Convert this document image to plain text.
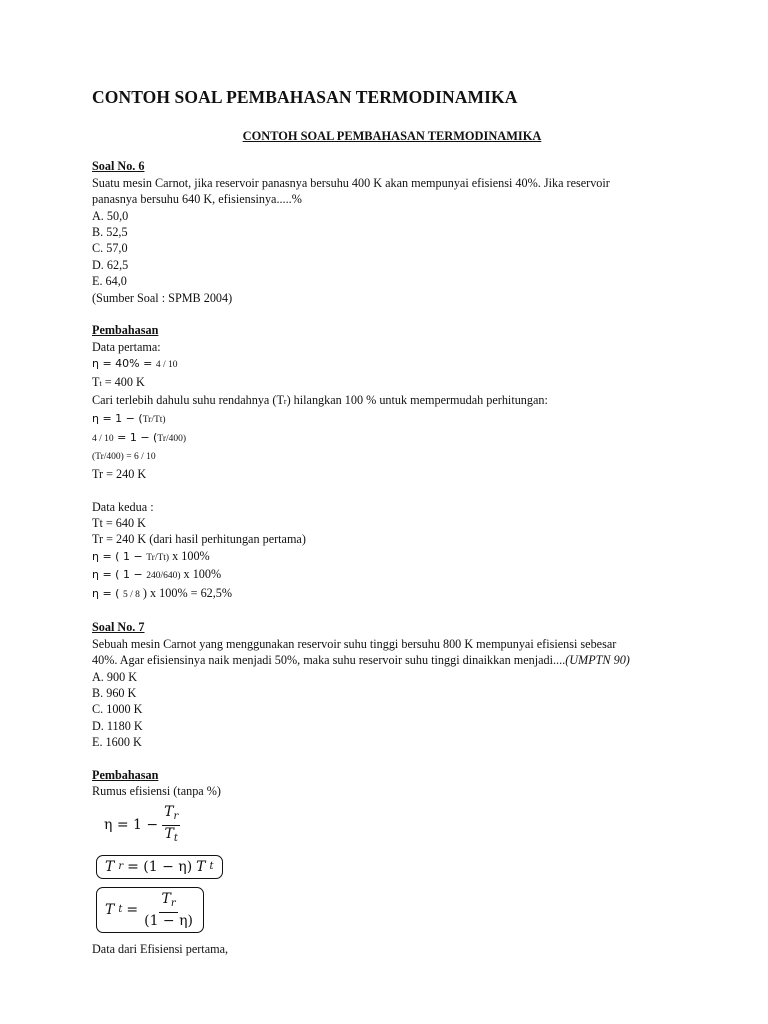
CONTOH SOAL PEMBAHASAN TERMODINAMIKA
CONTOH SOAL PEMBAHASAN TERMODINAMIKA
Soal No. 6
Suatu mesin Carnot, jika reservoir panasnya bersuhu 400 K akan mempunyai efisiensi 40%. Jika reservoir
panasnya bersuhu 640 K, efisiensinya.....%
A. 50,0
B. 52,5
C. 57,0
D. 62,5
E. 64,0
(Sumber Soal : SPMB 2004)
Pembahasan
Data pertama:
η = 40% = 4 / 10
Tt = 400 K
Cari terlebih dahulu suhu rendahnya (Tr) hilangkan 100 % untuk mempermudah perhitungan:
η = 1 − (Tr/Tt)
4 / 10 = 1 − (Tr/400)
(Tr/400) = 6 / 10
Tr = 240 K
Data kedua :
Tt = 640 K
Tr = 240 K (dari hasil perhitungan pertama)
η = ( 1 − Tr/Tt) x 100%
η = ( 1 − 240/640) x 100%
η = ( 5 / 8 ) x 100% = 62,5%
Soal No. 7
Sebuah mesin Carnot yang menggunakan reservoir suhu tinggi bersuhu 800 K mempunyai efisiensi sebesar
40%. Agar efisiensinya naik menjadi 50%, maka suhu reservoir suhu tinggi dinaikkan menjadi....(UMPTN 90)
A. 900 K
B. 960 K
C. 1000 K
D. 1180 K
E. 1600 K
Pembahasan
Rumus efisiensi (tanpa %)
$\eta = 1 - \frac{T_r}{T_t}$
T r = (1 − η) T t
T $t = \frac{T_r}{(1 - \eta)}$
Data dari Efisiensi pertama,
